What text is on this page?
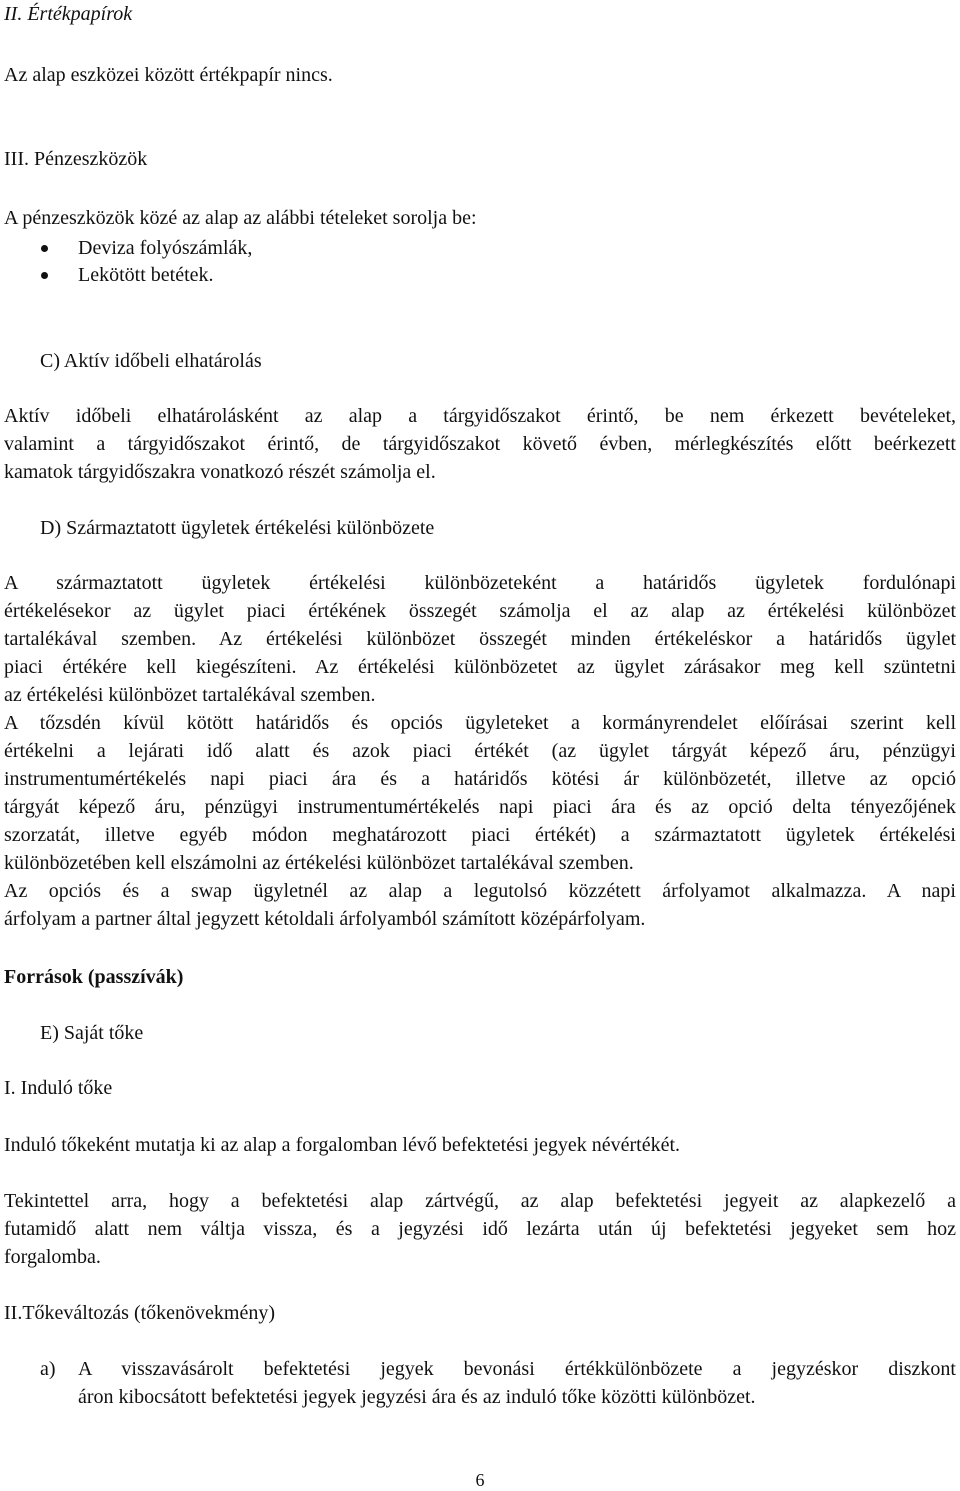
II. Értékpapírok
Az alap eszközei között értékpapír nincs.
III. Pénzeszközök
A pénzeszközök közé az alap az alábbi tételeket sorolja be:
Deviza folyószámlák,
Lekötött betétek.
C) Aktív időbeli elhatárolás
Aktív időbeli elhatárolásként az alap a tárgyidőszakot érintő, be nem érkezett bevételeket,
valamint a tárgyidőszakot érintő, de tárgyidőszakot követő évben, mérlegkészítés előtt beérkezett
kamatok tárgyidőszakra vonatkozó részét számolja el.
D) Származtatott ügyletek értékelési különbözete
A származtatott ügyletek értékelési különbözeteként a határidős ügyletek fordulónapi
értékelésekor az ügylet piaci értékének összegét számolja el az alap az értékelési különbözet
tartalékával szemben. Az értékelési különbözet összegét minden értékeléskor a határidős ügylet
piaci értékére kell kiegészíteni. Az értékelési különbözetet az ügylet zárásakor meg kell szüntetni
az értékelési különbözet tartalékával szemben.
A tőzsdén kívül kötött határidős és opciós ügyleteket a kormányrendelet előírásai szerint kell
értékelni a lejárati idő alatt és azok piaci értékét (az ügylet tárgyát képező áru, pénzügyi
instrumentumértékelés napi piaci ára és a határidős kötési ár különbözetét, illetve az opció
tárgyát képező áru, pénzügyi instrumentumértékelés napi piaci ára és az opció delta tényezőjének
szorzatát, illetve egyéb módon meghatározott piaci értékét) a származtatott ügyletek értékelési
különbözetében kell elszámolni az értékelési különbözet tartalékával szemben.
Az opciós és a swap ügyletnél az alap a legutolsó közzétett árfolyamot alkalmazza. A napi
árfolyam a partner által jegyzett kétoldali árfolyamból számított középárfolyam.
Források (passzívák)
E) Saját tőke
I. Induló tőke
Induló tőkeként mutatja ki az alap a forgalomban lévő befektetési jegyek névértékét.
Tekintettel arra, hogy a befektetési alap zártvégű, az alap befektetési jegyeit az alapkezelő a
futamidő alatt nem váltja vissza, és a jegyzési idő lezárta után új befektetési jegyeket sem hoz
forgalomba.
II.Tőkeváltozás (tőkenövekmény)
a) A visszavásárolt befektetési jegyek bevonási értékkülönbözete a jegyzéskor diszkont
áron kibocsátott befektetési jegyek jegyzési ára és az induló tőke közötti különbözet.
6
